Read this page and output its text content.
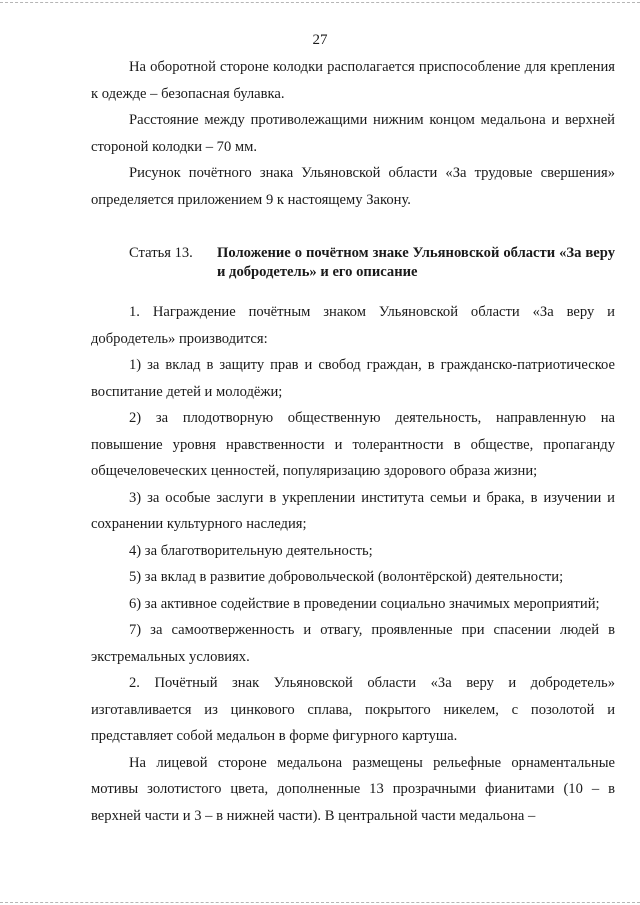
27

На оборотной стороне колодки располагается приспособление для крепления к одежде – безопасная булавка.

Расстояние между противолежащими нижним концом медальона и верхней стороной колодки – 70 мм.

Рисунок почётного знака Ульяновской области «За трудовые свершения» определяется приложением 9 к настоящему Закону.

Статья 13.	Положение о почётном знаке Ульяновской области «За веру и добродетель» и его описание

1. Награждение почётным знаком Ульяновской области «За веру и добродетель» производится:

1) за вклад в защиту прав и свобод граждан, в гражданско-патриотическое воспитание детей и молодёжи;

2) за плодотворную общественную деятельность, направленную на повышение уровня нравственности и толерантности в обществе, пропаганду общечеловеческих ценностей, популяризацию здорового образа жизни;

3) за особые заслуги в укреплении института семьи и брака, в изучении и сохранении культурного наследия;

4) за благотворительную деятельность;

5) за вклад в развитие добровольческой (волонтёрской) деятельности;

6) за активное содействие в проведении социально значимых мероприятий;

7) за самоотверженность и отвагу, проявленные при спасении людей в экстремальных условиях.

2. Почётный знак Ульяновской области «За веру и добродетель» изготавливается из цинкового сплава, покрытого никелем, с позолотой и представляет собой медальон в форме фигурного картуша.

На лицевой стороне медальона размещены рельефные орнаментальные мотивы золотистого цвета, дополненные 13 прозрачными фианитами (10 – в верхней части и 3 – в нижней части). В центральной части медальона –
